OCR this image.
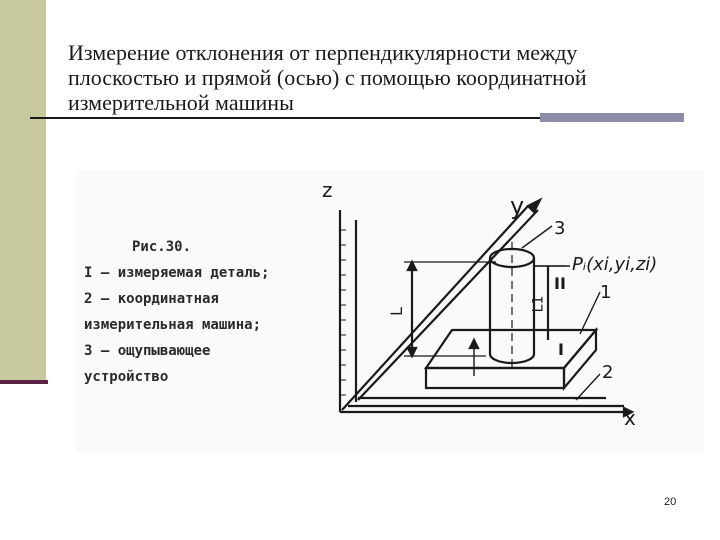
Измерение отклонения от перпендикулярности между плоскостью и прямой (осью) с помощью координатной измерительной машины
Рис.30.
I – измеряемая деталь;
2 – координатная
измерительная машина;
3 – ощупывающее
устройство
z
y
x
3
Pᵢ(xi,yi,zi)
II 1
2
I
L	L1
20
